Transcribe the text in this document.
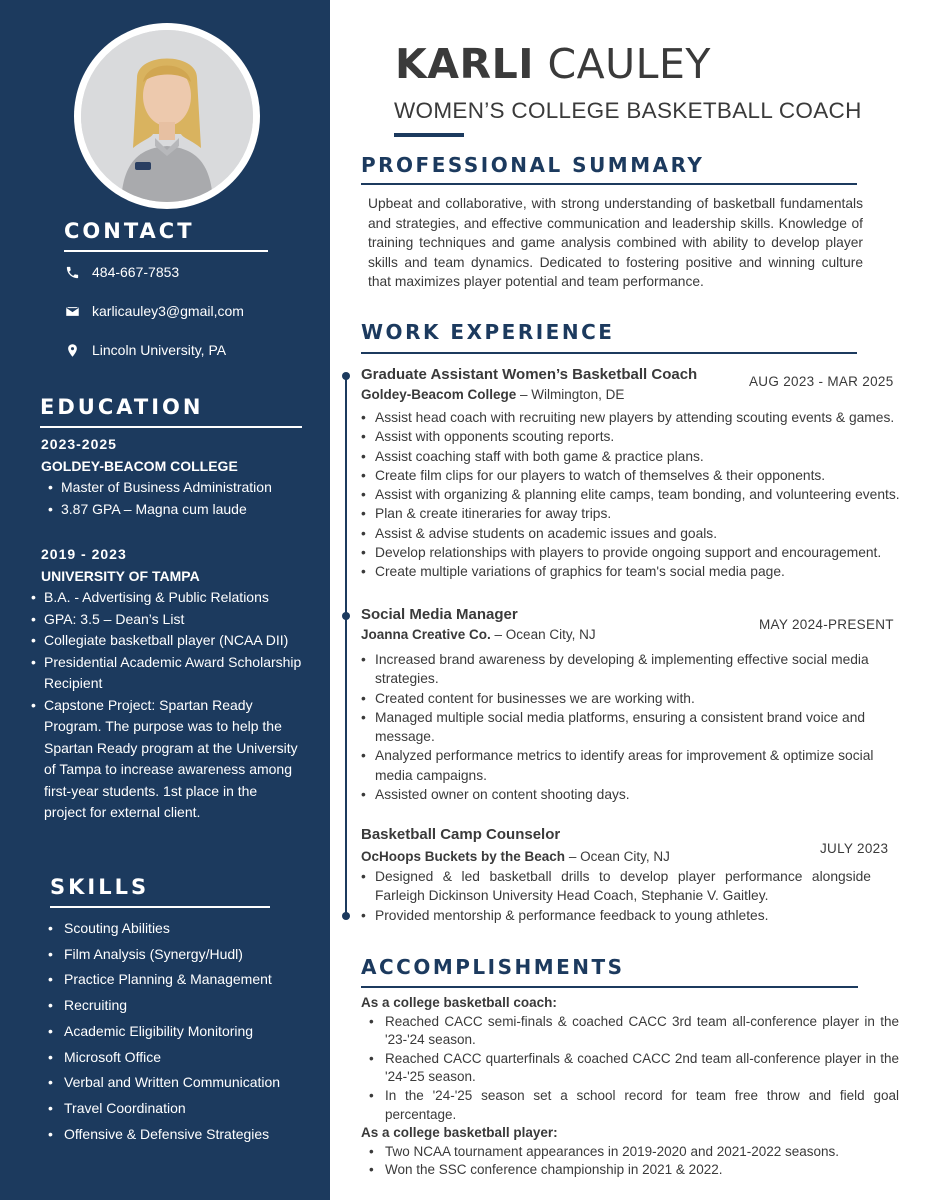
CONTACT
484-667-7853
karlicauley3@gmail,com
Lincoln University, PA
EDUCATION
2023-2025
GOLDEY-BEACOM COLLEGE
• Master of Business Administration
• 3.87 GPA – Magna cum laude
2019 - 2023
UNIVERSITY OF TAMPA
• B.A. - Advertising & Public Relations
• GPA: 3.5 – Dean’s List
• Collegiate basketball player (NCAA DII)
• Presidential Academic Award Scholarship Recipient
• Capstone Project: Spartan Ready Program. The purpose was to help the Spartan Ready program at the University of Tampa to increase awareness among first-year students. 1st place in the project for external client.
SKILLS
• Scouting Abilities
• Film Analysis (Synergy/Hudl)
• Practice Planning & Management
• Recruiting
• Academic Eligibility Monitoring
• Microsoft Office
• Verbal and Written Communication
• Travel Coordination
• Offensive & Defensive Strategies
KARLI CAULEY
WOMEN’S COLLEGE BASKETBALL COACH
PROFESSIONAL SUMMARY

Upbeat and collaborative, with strong understanding of basketball fundamentals and strategies, and effective communication and leadership skills. Knowledge of training techniques and game analysis combined with ability to develop player skills and team dynamics. Dedicated to fostering positive and winning culture that maximizes player potential and team performance.

WORK EXPERIENCE
Graduate Assistant Women’s Basketball Coach
Goldey-Beacom College – Wilmington, DE
• Assist head coach with recruiting new players by attending scouting events & games.
• Assist with opponents scouting reports.
• Assist coaching staff with both game & practice plans.
• Create film clips for our players to watch of themselves & their opponents.
• Assist with organizing & planning elite camps, team bonding, and volunteering events.
• Plan & create itineraries for away trips.
• Assist & advise students on academic issues and goals.
• Develop relationships with players to provide ongoing support and encouragement.
• Create multiple variations of graphics for team's social media page.
AUG 2023 - MAR 2025
Social Media Manager
Joanna Creative Co. – Ocean City, NJ
• Increased brand awareness by developing & implementing effective social media strategies.
• Created content for businesses we are working with.
• Managed multiple social media platforms, ensuring a consistent brand voice and message.
• Analyzed performance metrics to identify areas for improvement & optimize social media campaigns.
• Assisted owner on content shooting days.
MAY 2024-PRESENT
Basketball Camp Counselor
OcHoops Buckets by the Beach – Ocean City, NJ
• Designed & led basketball drills to develop player performance alongside Farleigh Dickinson University Head Coach, Stephanie V. Gaitley.
• Provided mentorship & performance feedback to young athletes.
JULY 2023
ACCOMPLISHMENTS
As a college basketball coach:
• Reached CACC semi-finals & coached CACC 3rd team all-conference player in the '23-'24 season.
• Reached CACC quarterfinals & coached CACC 2nd team all-conference player in the '24-'25 season.
• In the '24-'25 season set a school record for team free throw and field goal percentage.
As a college basketball player:
• Two NCAA tournament appearances in 2019-2020 and 2021-2022 seasons.
• Won the SSC conference championship in 2021 & 2022.
